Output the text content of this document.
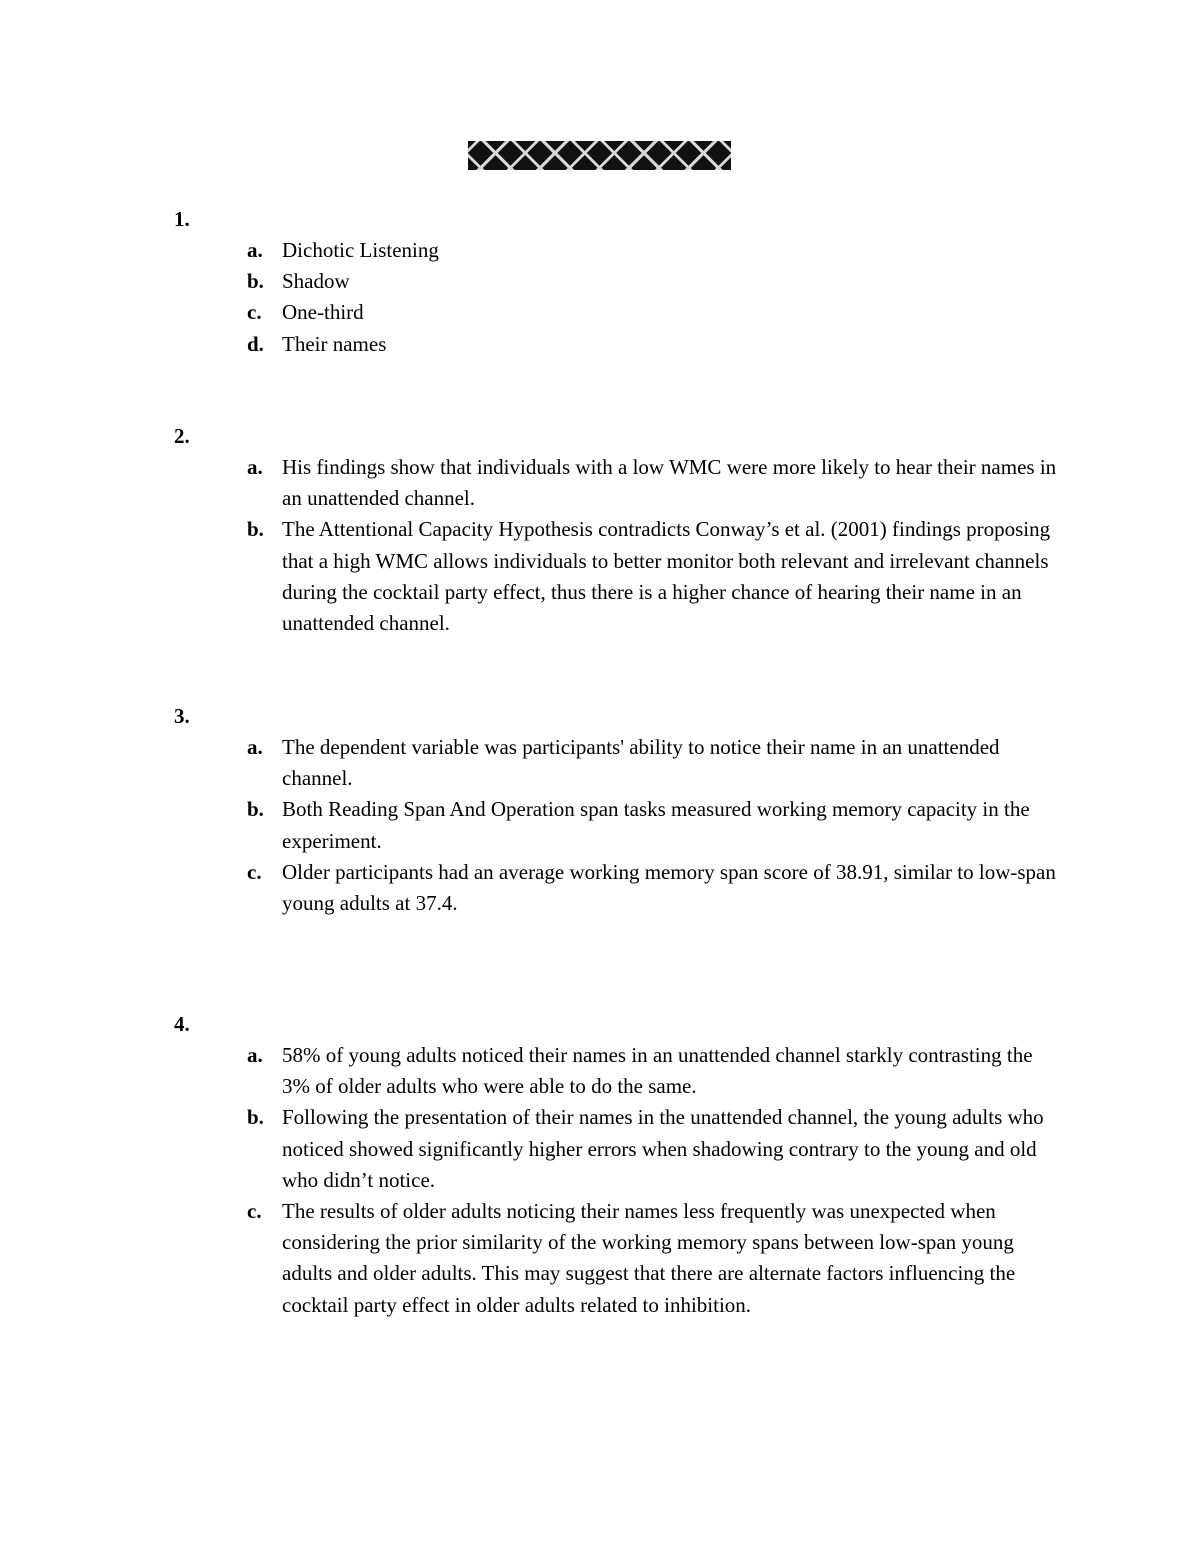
1.
a. Dichotic Listening
b. Shadow
c. One-third
d. Their names
2.
a. His findings show that individuals with a low WMC were more likely to hear their names in an unattended channel.
b. The Attentional Capacity Hypothesis contradicts Conway’s et al. (2001) findings proposing that a high WMC allows individuals to better monitor both relevant and irrelevant channels during the cocktail party effect, thus there is a higher chance of hearing their name in an unattended channel.
3.
a. The dependent variable was participants' ability to notice their name in an unattended channel.
b. Both Reading Span And Operation span tasks measured working memory capacity in the experiment.
c. Older participants had an average working memory span score of 38.91, similar to low-span young adults at 37.4.
4.
a. 58% of young adults noticed their names in an unattended channel starkly contrasting the 3% of older adults who were able to do the same.
b. Following the presentation of their names in the unattended channel, the young adults who noticed showed significantly higher errors when shadowing contrary to the young and old who didn’t notice.
c. The results of older adults noticing their names less frequently was unexpected when considering the prior similarity of the working memory spans between low-span young adults and older adults. This may suggest that there are alternate factors influencing the cocktail party effect in older adults related to inhibition.
